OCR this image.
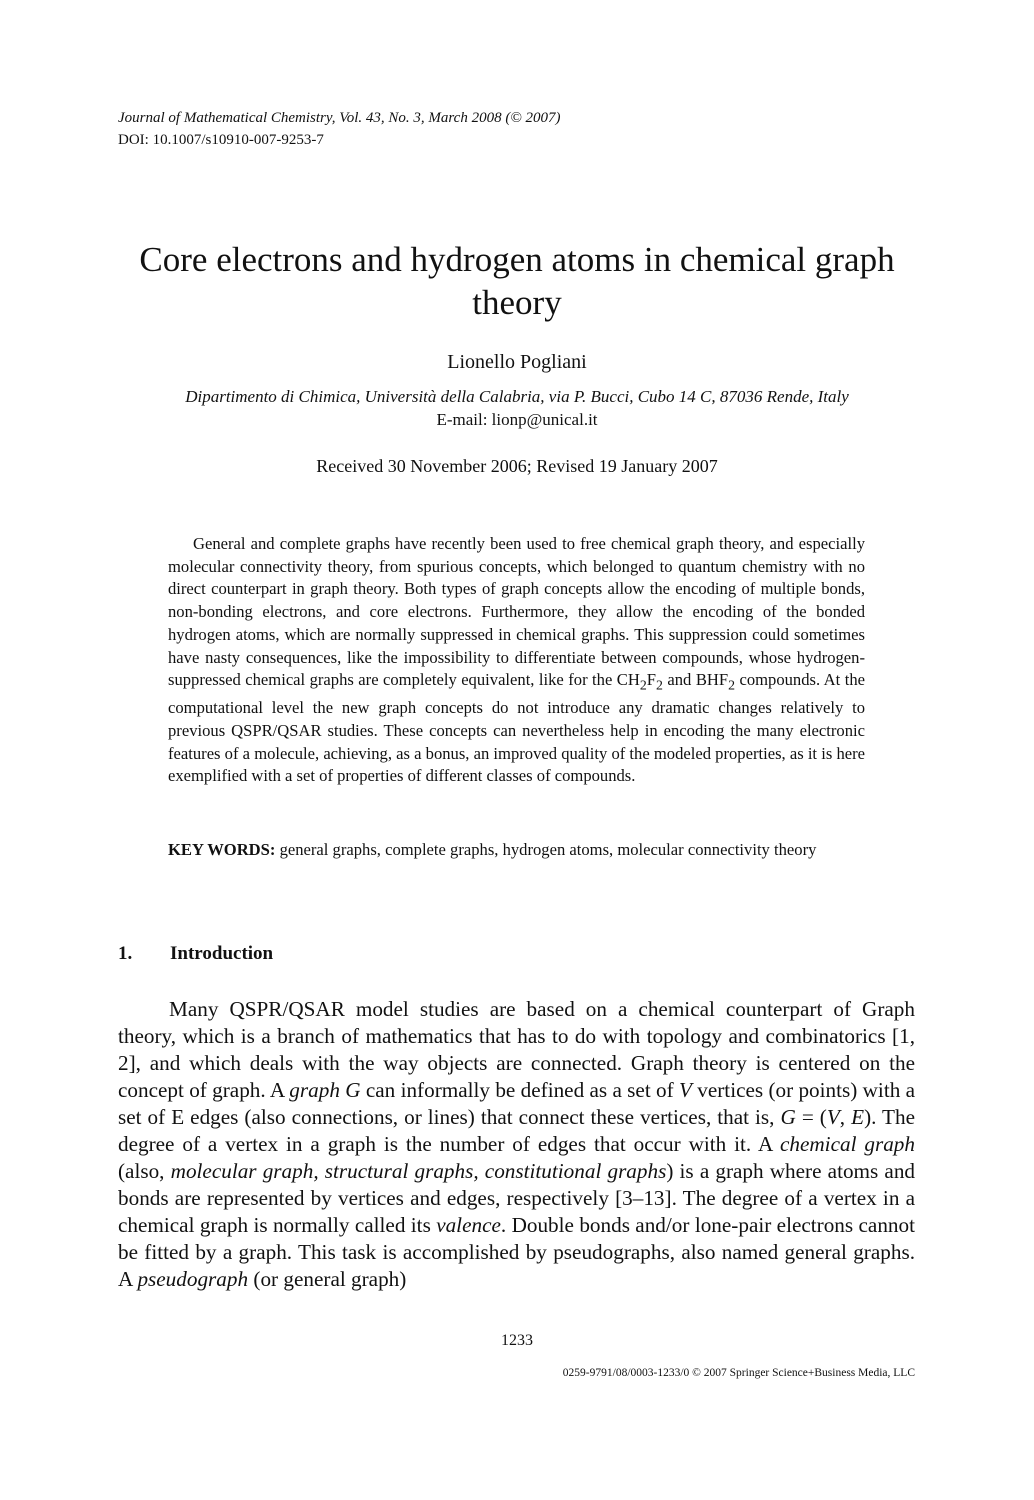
Journal of Mathematical Chemistry, Vol. 43, No. 3, March 2008 (© 2007)
DOI: 10.1007/s10910-007-9253-7
Core electrons and hydrogen atoms in chemical graph theory
Lionello Pogliani
Dipartimento di Chimica, Università della Calabria, via P. Bucci, Cubo 14 C, 87036 Rende, Italy
E-mail: lionp@unical.it
Received 30 November 2006; Revised 19 January 2007
General and complete graphs have recently been used to free chemical graph theory, and especially molecular connectivity theory, from spurious concepts, which belonged to quantum chemistry with no direct counterpart in graph theory. Both types of graph concepts allow the encoding of multiple bonds, non-bonding electrons, and core electrons. Furthermore, they allow the encoding of the bonded hydrogen atoms, which are normally suppressed in chemical graphs. This suppression could sometimes have nasty consequences, like the impossibility to differentiate between compounds, whose hydrogen-suppressed chemical graphs are completely equivalent, like for the $CH_2F_2$ and $BHF_2$ compounds. At the computational level the new graph concepts do not introduce any dramatic changes relatively to previous QSPR/QSAR studies. These concepts can nevertheless help in encoding the many electronic features of a molecule, achieving, as a bonus, an improved quality of the modeled properties, as it is here exemplified with a set of properties of different classes of compounds.
KEY WORDS: general graphs, complete graphs, hydrogen atoms, molecular connectivity theory
1. Introduction
Many QSPR/QSAR model studies are based on a chemical counterpart of Graph theory, which is a branch of mathematics that has to do with topology and combinatorics [1, 2], and which deals with the way objects are connected. Graph theory is centered on the concept of graph. A graph G can informally be defined as a set of V vertices (or points) with a set of E edges (also connections, or lines) that connect these vertices, that is, G = (V, E). The degree of a vertex in a graph is the number of edges that occur with it. A chemical graph (also, molecular graph, structural graphs, constitutional graphs) is a graph where atoms and bonds are represented by vertices and edges, respectively [3–13]. The degree of a vertex in a chemical graph is normally called its valence. Double bonds and/or lone-pair electrons cannot be fitted by a graph. This task is accomplished by pseudographs, also named general graphs. A pseudograph (or general graph)
1233
0259-9791/08/0003-1233/0 © 2007 Springer Science+Business Media, LLC
